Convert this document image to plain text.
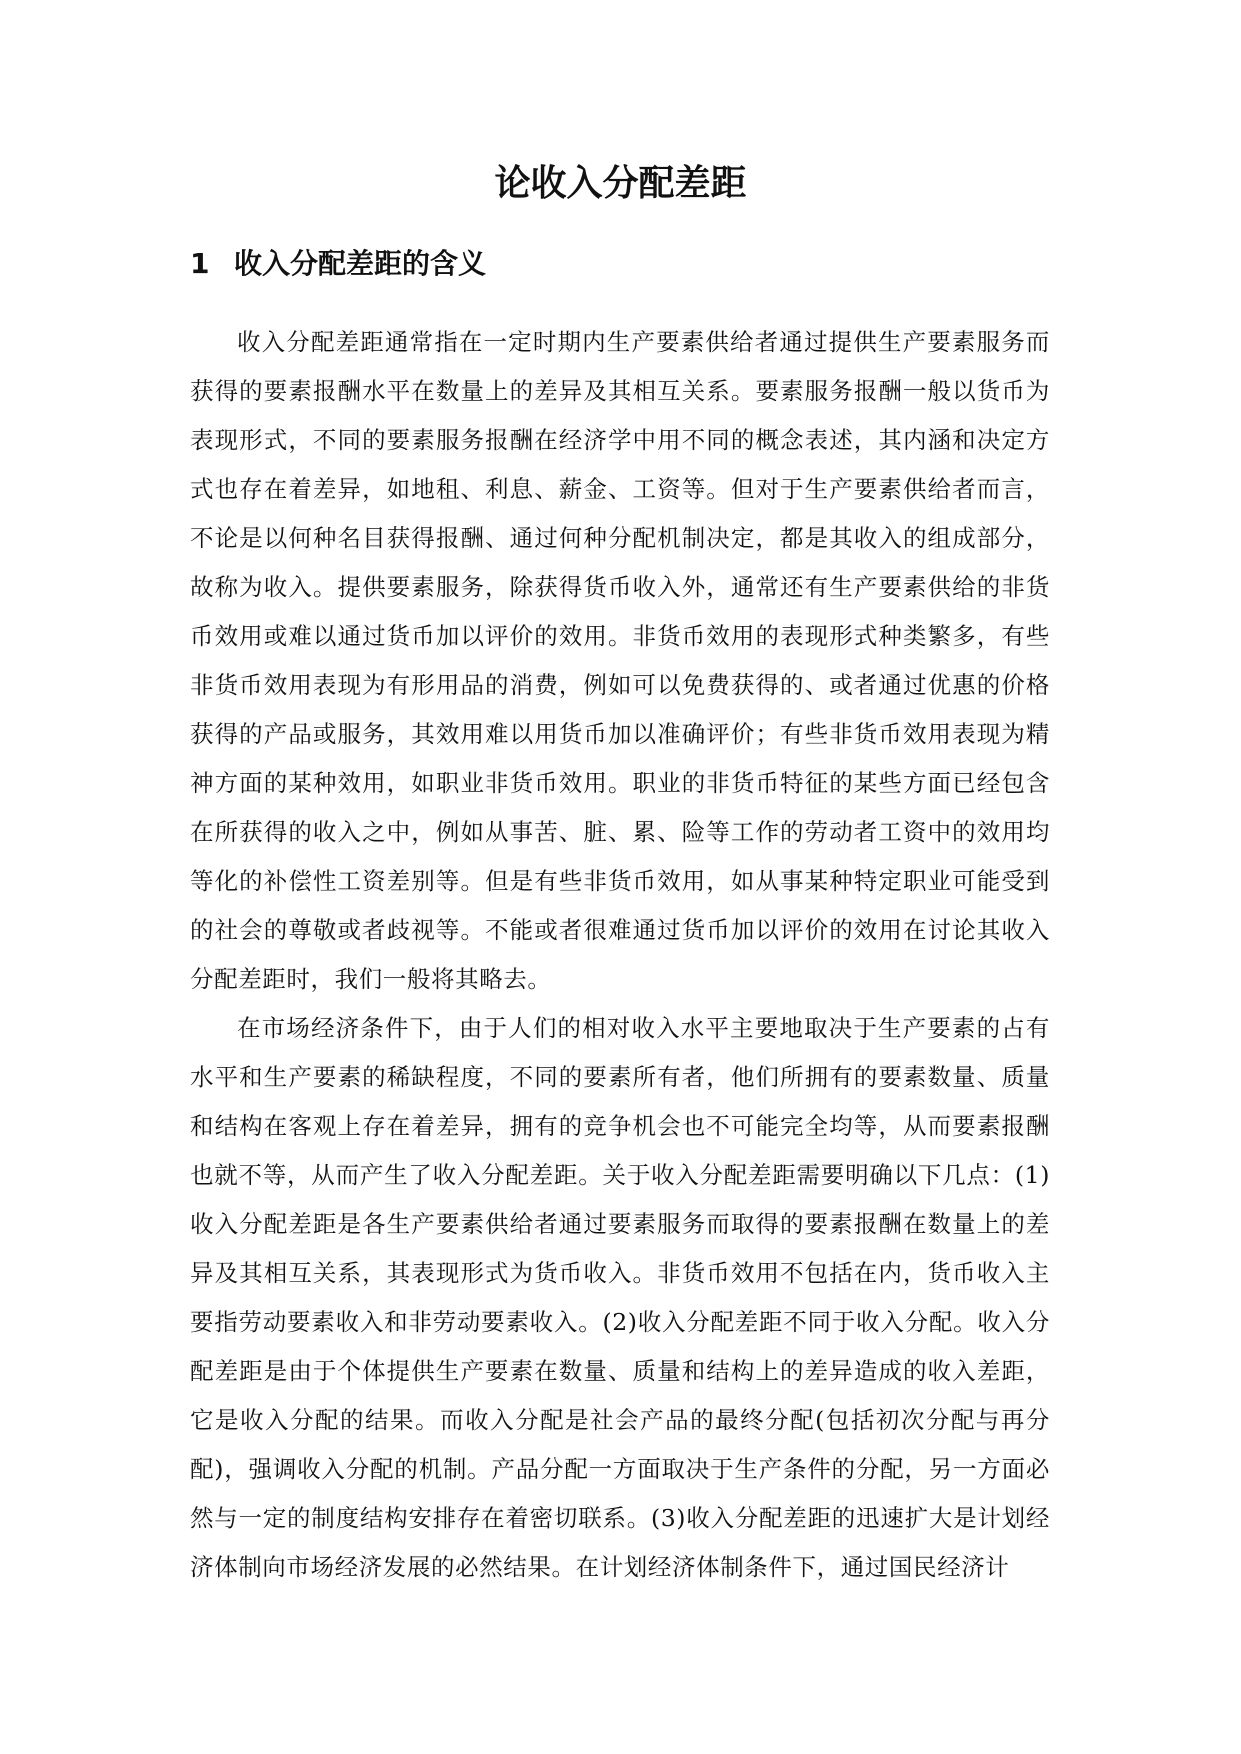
论收入分配差距
1 收入分配差距的含义

收入分配差距通常指在一定时期内生产要素供给者通过提供生产要素服务而获得的要素报酬水平在数量上的差异及其相互关系。要素服务报酬一般以货币为表现形式，不同的要素服务报酬在经济学中用不同的概念表述，其内涵和决定方式也存在着差异，如地租、利息、薪金、工资等。但对于生产要素供给者而言，不论是以何种名目获得报酬、通过何种分配机制决定，都是其收入的组成部分，故称为收入。提供要素服务，除获得货币收入外，通常还有生产要素供给的非货币效用或难以通过货币加以评价的效用。非货币效用的表现形式种类繁多，有些非货币效用表现为有形用品的消费，例如可以免费获得的、或者通过优惠的价格获得的产品或服务，其效用难以用货币加以准确评价；有些非货币效用表现为精神方面的某种效用，如职业非货币效用。职业的非货币特征的某些方面已经包含在所获得的收入之中，例如从事苦、脏、累、险等工作的劳动者工资中的效用均等化的补偿性工资差别等。但是有些非货币效用，如从事某种特定职业可能受到的社会的尊敬或者歧视等。不能或者很难通过货币加以评价的效用在讨论其收入分配差距时，我们一般将其略去。

在市场经济条件下，由于人们的相对收入水平主要地取决于生产要素的占有水平和生产要素的稀缺程度，不同的要素所有者，他们所拥有的要素数量、质量和结构在客观上存在着差异，拥有的竞争机会也不可能完全均等，从而要素报酬也就不等，从而产生了收入分配差距。关于收入分配差距需要明确以下几点：(1)收入分配差距是各生产要素供给者通过要素服务而取得的要素报酬在数量上的差异及其相互关系，其表现形式为货币收入。非货币效用不包括在内，货币收入主要指劳动要素收入和非劳动要素收入。(2)收入分配差距不同于收入分配。收入分配差距是由于个体提供生产要素在数量、质量和结构上的差异造成的收入差距，它是收入分配的结果。而收入分配是社会产品的最终分配(包括初次分配与再分配)，强调收入分配的机制。产品分配一方面取决于生产条件的分配，另一方面必然与一定的制度结构安排存在着密切联系。(3)收入分配差距的迅速扩大是计划经济体制向市场经济发展的必然结果。在计划经济体制条件下，通过国民经济计
